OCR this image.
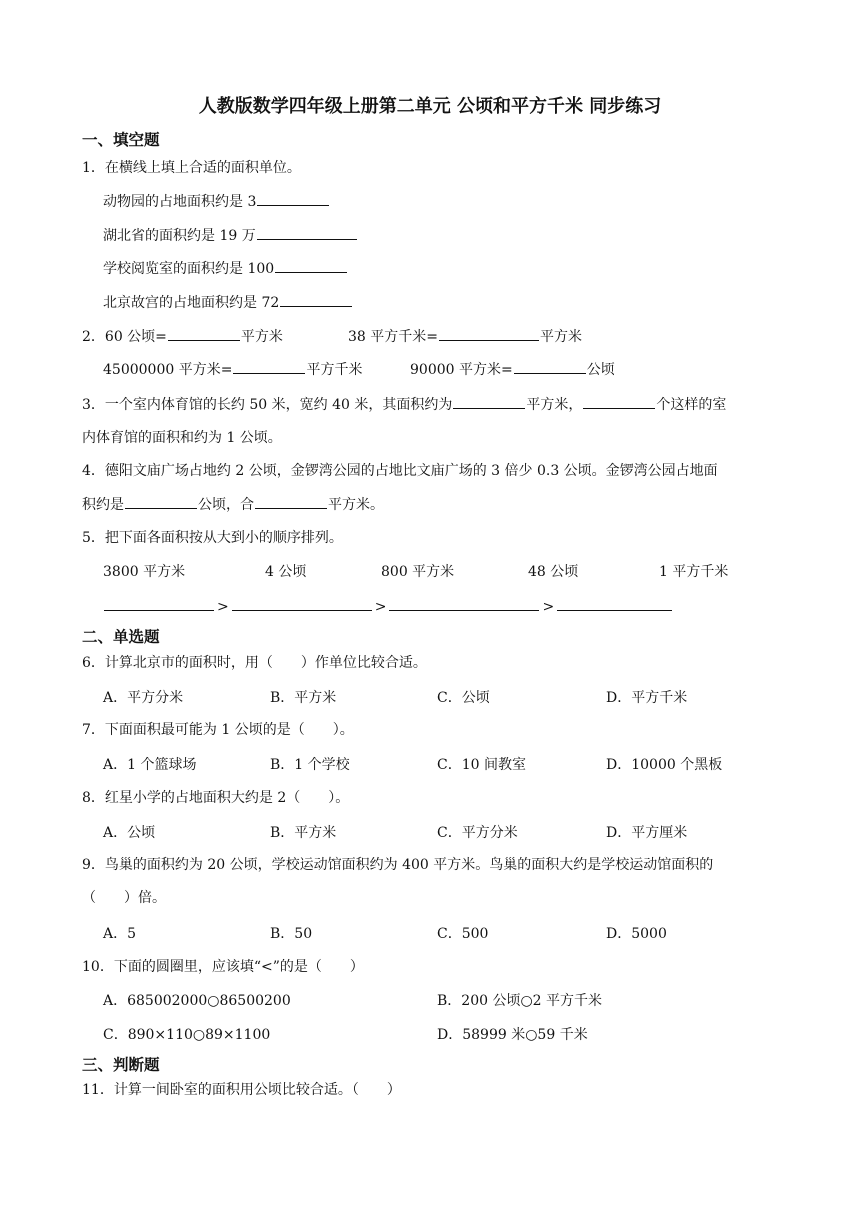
人教版数学四年级上册第二单元 公顷和平方千米 同步练习
一、填空题
1．在横线上填上合适的面积单位。
动物园的占地面积约是 3
湖北省的面积约是 19 万
学校阅览室的面积约是 100
北京故宫的占地面积约是 72
2．60 公顷=	平方米	38 平方千米=	平方米
45000000 平方米=	平方千米	90000 平方米=	公顷
3．一个室内体育馆的长约 50 米，宽约 40 米，其面积约为	平方米，	个这样的室
内体育馆的面积和约为 1 公顷。
4．德阳文庙广场占地约 2 公顷，金锣湾公园的占地比文庙广场的 3 倍少 0.3 公顷。金锣湾公园占地面
积约是	公顷，合	平方米。
5．把下面各面积按从大到小的顺序排列。
3800 平方米	4 公顷	800 平方米	48 公顷	1 平方千米
>	>	>
二、单选题
6．计算北京市的面积时，用（　　）作单位比较合适。
A．平方分米	B．平方米	C．公顷	D．平方千米
7．下面面积最可能为 1 公顷的是（　　）。
A．1 个篮球场	B．1 个学校	C．10 间教室	D．10000 个黑板
8．红星小学的占地面积大约是 2（　　）。
A．公顷	B．平方米	C．平方分米	D．平方厘米
9．鸟巢的面积约为 20 公顷，学校运动馆面积约为 400 平方米。鸟巢的面积大约是学校运动馆面积的
（　　）倍。
A．5	B．50	C．500	D．5000
10．下面的圆圈里，应该填“<”的是（　　）
A．685002000○86500200	B．200 公顷○2 平方千米
C．890×110○89×1100	D．58999 米○59 千米
三、判断题
11．计算一间卧室的面积用公顷比较合适。（　　）
